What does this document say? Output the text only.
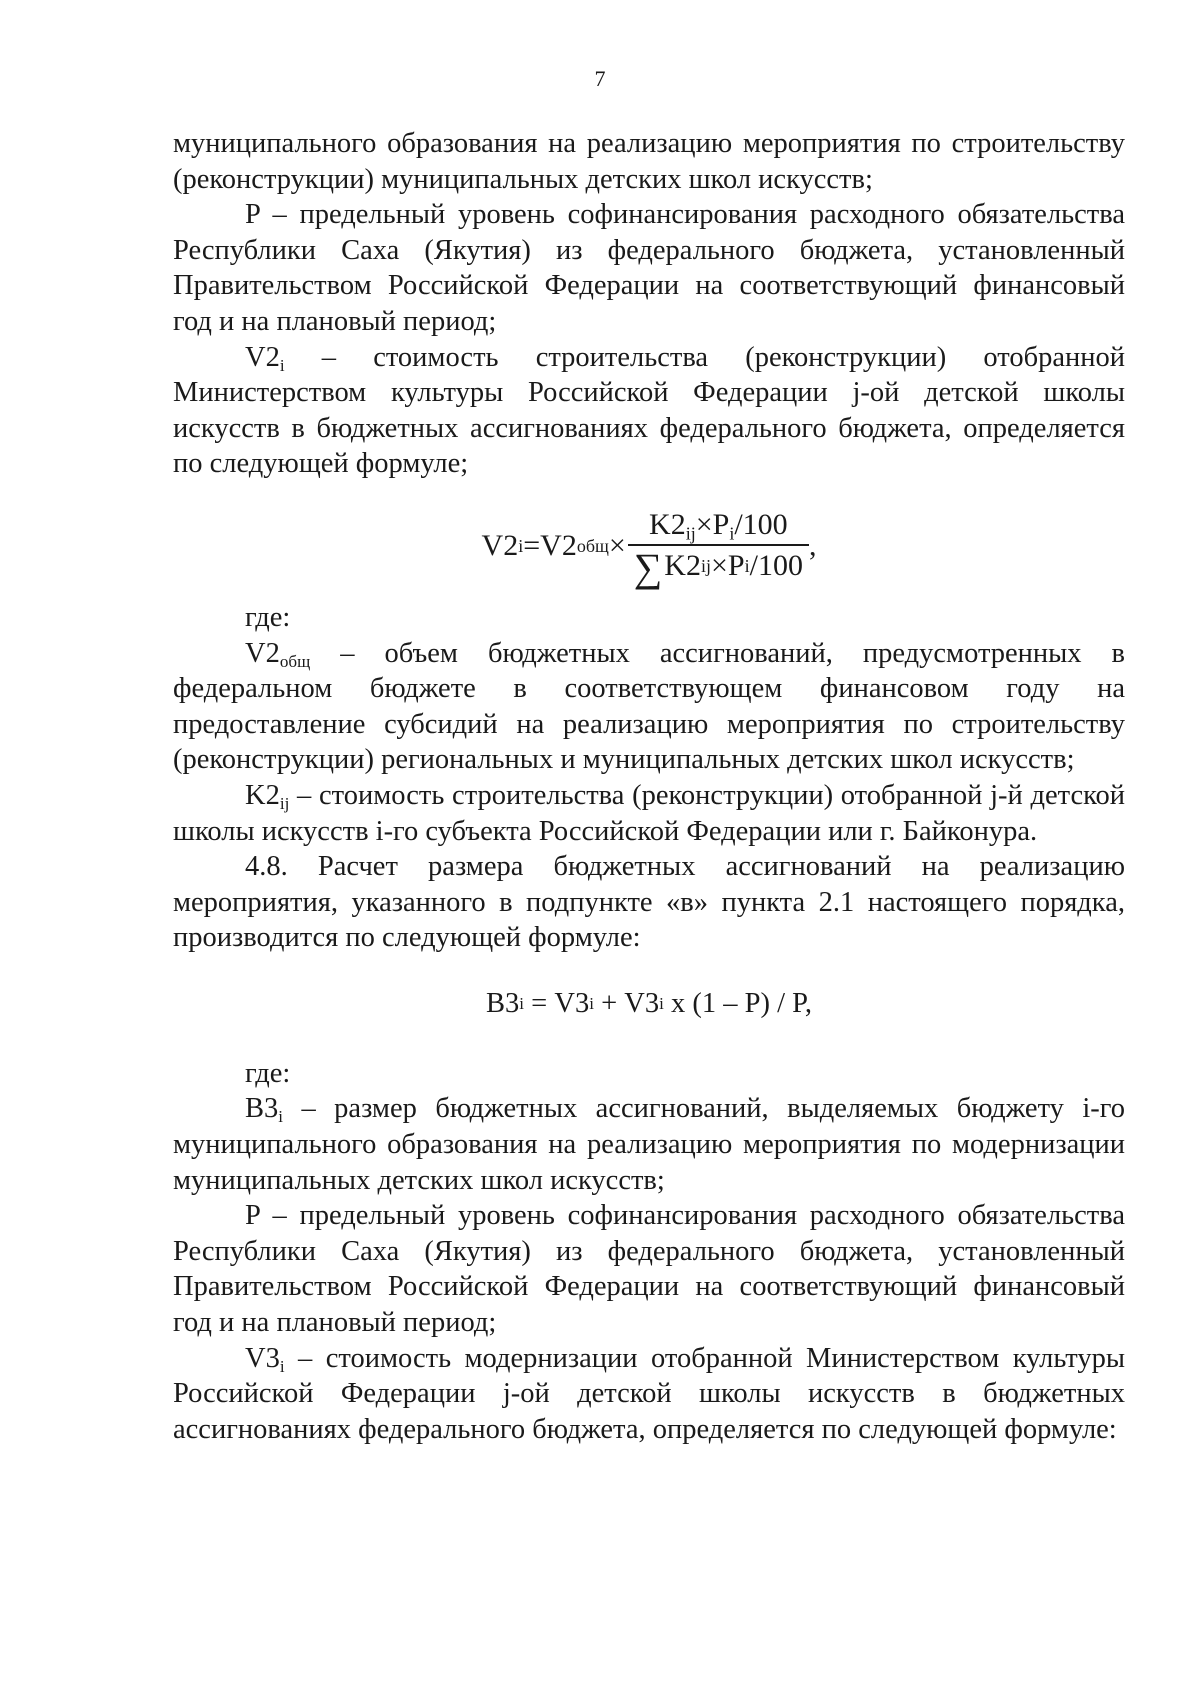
7

муниципального образования на реализацию мероприятия по строительству (реконструкции) муниципальных детских школ искусств;

P – предельный уровень софинансирования расходного обязательства Республики Саха (Якутия) из федерального бюджета, установленный Правительством Российской Федерации на соответствующий финансовый год и на плановый период;

$V2_i$ – стоимость строительства (реконструкции) отобранной Министерством культуры Российской Федерации j-ой детской школы искусств в бюджетных ассигнованиях федерального бюджета, определяется по следующей формуле;

V2 i = V2 общ × $\frac{K2_{ij}\times P_i/100}{\text{∑ K2 ij ×P i /100}}$ ,

где:

$V2_{общ}$ – объем бюджетных ассигнований, предусмотренных в федеральном бюджете в соответствующем финансовом году на предоставление субсидий на реализацию мероприятия по строительству (реконструкции) региональных и муниципальных детских школ искусств;

$K2_{ij}$ – стоимость строительства (реконструкции) отобранной j-й детской школы искусств i-го субъекта Российской Федерации или г. Байконура.

4.8. Расчет размера бюджетных ассигнований на реализацию мероприятия, указанного в подпункте «в» пункта 2.1 настоящего порядка, производится по следующей формуле:

B3 i = V3 i + V3 i x (1 – P) / P,

где:

$B3_i$ – размер бюджетных ассигнований, выделяемых бюджету i-го муниципального образования на реализацию мероприятия по модернизации муниципальных детских школ искусств;

P – предельный уровень софинансирования расходного обязательства Республики Саха (Якутия) из федерального бюджета, установленный Правительством Российской Федерации на соответствующий финансовый год и на плановый период;

$V3_i$ – стоимость модернизации отобранной Министерством культуры Российской Федерации j-ой детской школы искусств в бюджетных ассигнованиях федерального бюджета, определяется по следующей формуле:
